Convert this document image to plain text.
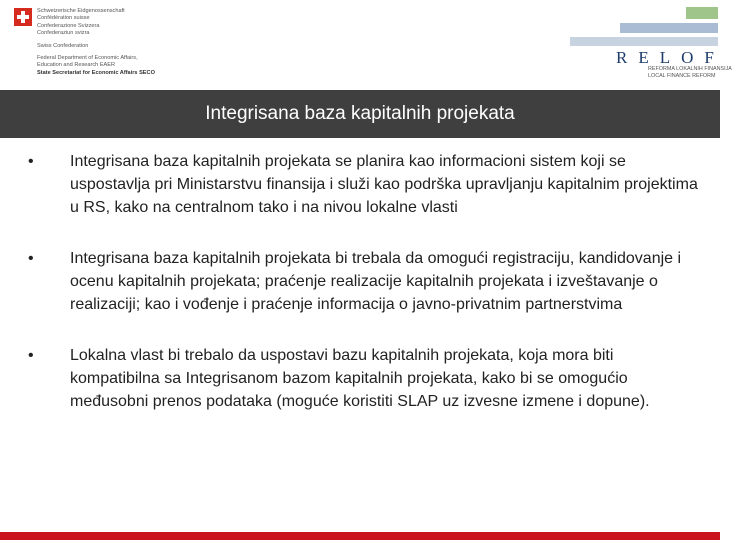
Schweizerische Eidgenossenschaft
Confédération suisse
Confederazione Svizzera
Confederaziun svizra
Swiss Confederation
Federal Department of Economic Affairs,
Education and Research EAER
State Secretariat for Economic Affairs SECO
RELOF
REFORMA LOKALNIH FINANSIJA
LOCAL FINANCE REFORM
Integrisana baza kapitalnih projekata
•	Integrisana baza kapitalnih projekata se planira kao informacioni sistem koji se uspostavlja pri Ministarstvu finansija i služi kao podrška upravljanju kapitalnim projektima u RS, kako na centralnom tako i na nivou lokalne vlasti
•	Integrisana baza kapitalnih projekata bi trebala da omogući registraciju, kandidovanje i ocenu kapitalnih projekata; praćenje realizacije kapitalnih projekata i izveštavanje o realizaciji; kao i vođenje i praćenje informacija o javno-privatnim partnerstvima
•	Lokalna vlast bi trebalo da uspostavi bazu kapitalnih projekata, koja mora biti kompatibilna sa Integrisanom bazom kapitalnih projekata, kako bi se omogućio međusobni prenos podataka (moguće koristiti SLAP uz izvesne izmene i dopune).
